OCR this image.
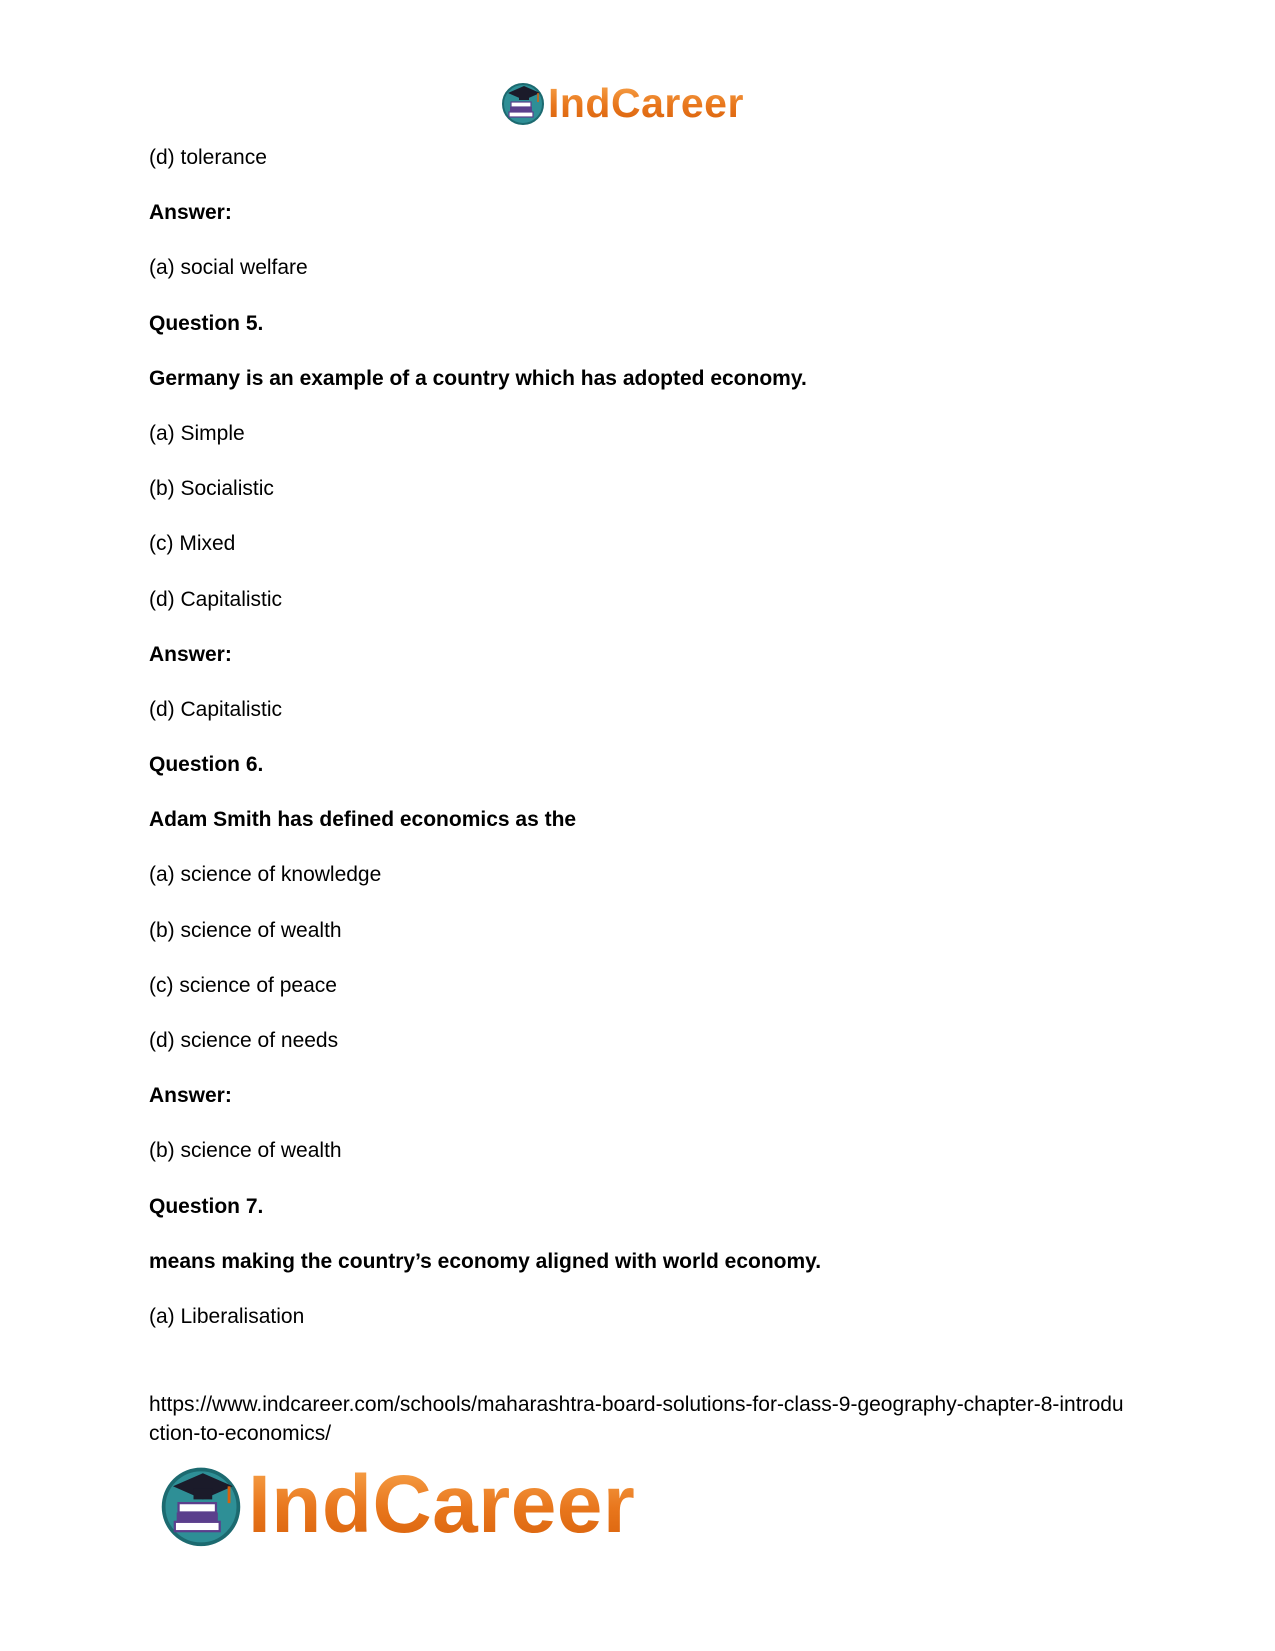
IndCareer
(d) tolerance
Answer:
(a) social welfare
Question 5.
Germany is an example of a country which has adopted economy.
(a) Simple
(b) Socialistic
(c) Mixed
(d) Capitalistic
Answer:
(d) Capitalistic
Question 6.
Adam Smith has defined economics as the
(a) science of knowledge
(b) science of wealth
(c) science of peace
(d) science of needs
Answer:
(b) science of wealth
Question 7.
means making the country’s economy aligned with world economy.
(a) Liberalisation
https://www.indcareer.com/schools/maharashtra-board-solutions-for-class-9-geography-chapter-8-introduction-to-economics/
IndCareer
